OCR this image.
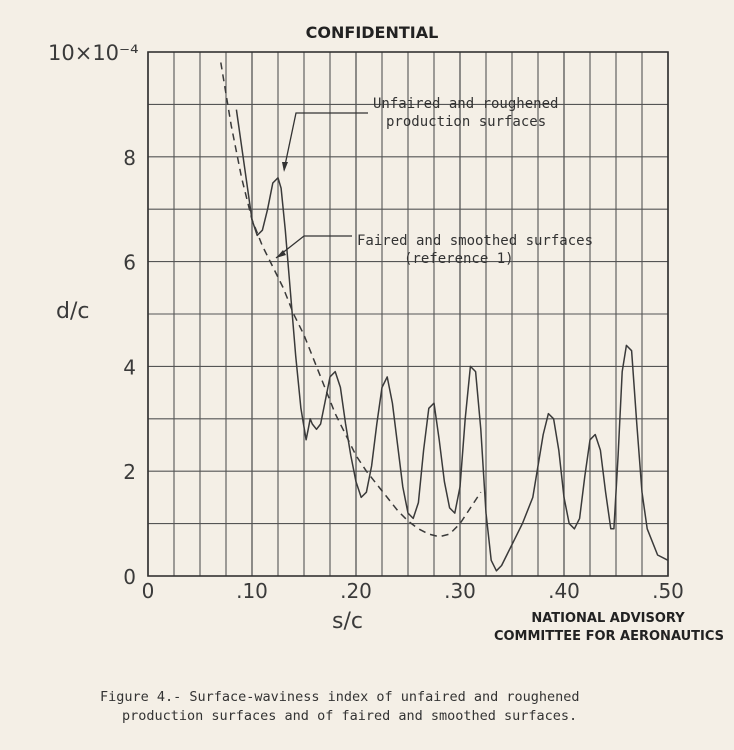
0
2
4
6
8
0	.10	.20	.30	.40	.50
CONFIDENTIAL
10×10⁻⁴
d/c
s/c
Unfaired and roughened
production surfaces
Faired and smoothed surfaces
(reference 1)
NATIONAL ADVISORY
COMMITTEE FOR AERONAUTICS
Figure 4.- Surface-waviness index of unfaired and roughened
production surfaces and of faired and smoothed surfaces.
